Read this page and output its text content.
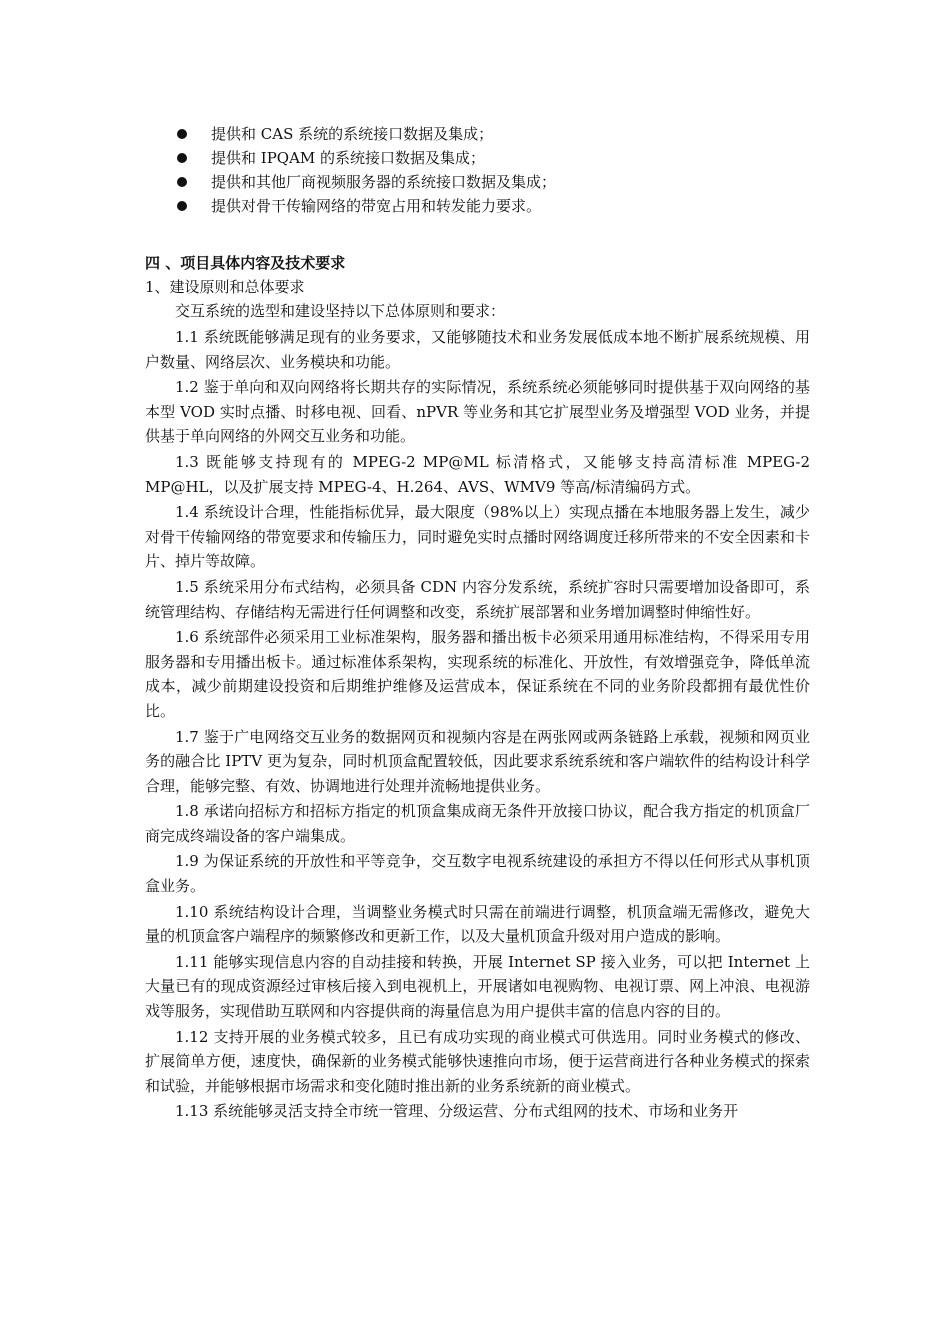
提供和 CAS 系统的系统接口数据及集成；
提供和 IPQAM 的系统接口数据及集成；
提供和其他厂商视频服务器的系统接口数据及集成；
提供对骨干传输网络的带宽占用和转发能力要求。
四 、项目具体内容及技术要求
1、建设原则和总体要求

交互系统的选型和建设坚持以下总体原则和要求：

1.1 系统既能够满足现有的业务要求，又能够随技术和业务发展低成本地不断扩展系统规模、用户数量、网络层次、业务模块和功能。

1.2 鉴于单向和双向网络将长期共存的实际情况，系统系统必须能够同时提供基于双向网络的基本型 VOD 实时点播、时移电视、回看、nPVR 等业务和其它扩展型业务及增强型 VOD 业务，并提供基于单向网络的外网交互业务和功能。

1.3 既能够支持现有的 MPEG-2 MP@ML 标清格式，又能够支持高清标准 MPEG-2 MP@HL，以及扩展支持 MPEG-4、H.264、AVS、WMV9 等高/标清编码方式。

1.4 系统设计合理，性能指标优异，最大限度（98%以上）实现点播在本地服务器上发生，减少对骨干传输网络的带宽要求和传输压力，同时避免实时点播时网络调度迁移所带来的不安全因素和卡片、掉片等故障。

1.5 系统采用分布式结构，必须具备 CDN 内容分发系统，系统扩容时只需要增加设备即可，系统管理结构、存储结构无需进行任何调整和改变，系统扩展部署和业务增加调整时伸缩性好。

1.6 系统部件必须采用工业标准架构，服务器和播出板卡必须采用通用标准结构，不得采用专用服务器和专用播出板卡。通过标准体系架构，实现系统的标准化、开放性，有效增强竞争，降低单流成本，减少前期建设投资和后期维护维修及运营成本，保证系统在不同的业务阶段都拥有最优性价比。

1.7 鉴于广电网络交互业务的数据网页和视频内容是在两张网或两条链路上承载，视频和网页业务的融合比 IPTV 更为复杂，同时机顶盒配置较低，因此要求系统系统和客户端软件的结构设计科学合理，能够完整、有效、协调地进行处理并流畅地提供业务。

1.8 承诺向招标方和招标方指定的机顶盒集成商无条件开放接口协议，配合我方指定的机顶盒厂商完成终端设备的客户端集成。

1.9 为保证系统的开放性和平等竞争，交互数字电视系统建设的承担方不得以任何形式从事机顶盒业务。

1.10 系统结构设计合理，当调整业务模式时只需在前端进行调整，机顶盒端无需修改，避免大量的机顶盒客户端程序的频繁修改和更新工作，以及大量机顶盒升级对用户造成的影响。

1.11 能够实现信息内容的自动挂接和转换，开展 Internet SP 接入业务，可以把 Internet 上大量已有的现成资源经过审核后接入到电视机上，开展诸如电视购物、电视订票、网上冲浪、电视游戏等服务，实现借助互联网和内容提供商的海量信息为用户提供丰富的信息内容的目的。

1.12 支持开展的业务模式较多，且已有成功实现的商业模式可供选用。同时业务模式的修改、扩展简单方便，速度快，确保新的业务模式能够快速推向市场，便于运营商进行各种业务模式的探索和试验，并能够根据市场需求和变化随时推出新的业务系统新的商业模式。

1.13 系统能够灵活支持全市统一管理、分级运营、分布式组网的技术、市场和业务开
